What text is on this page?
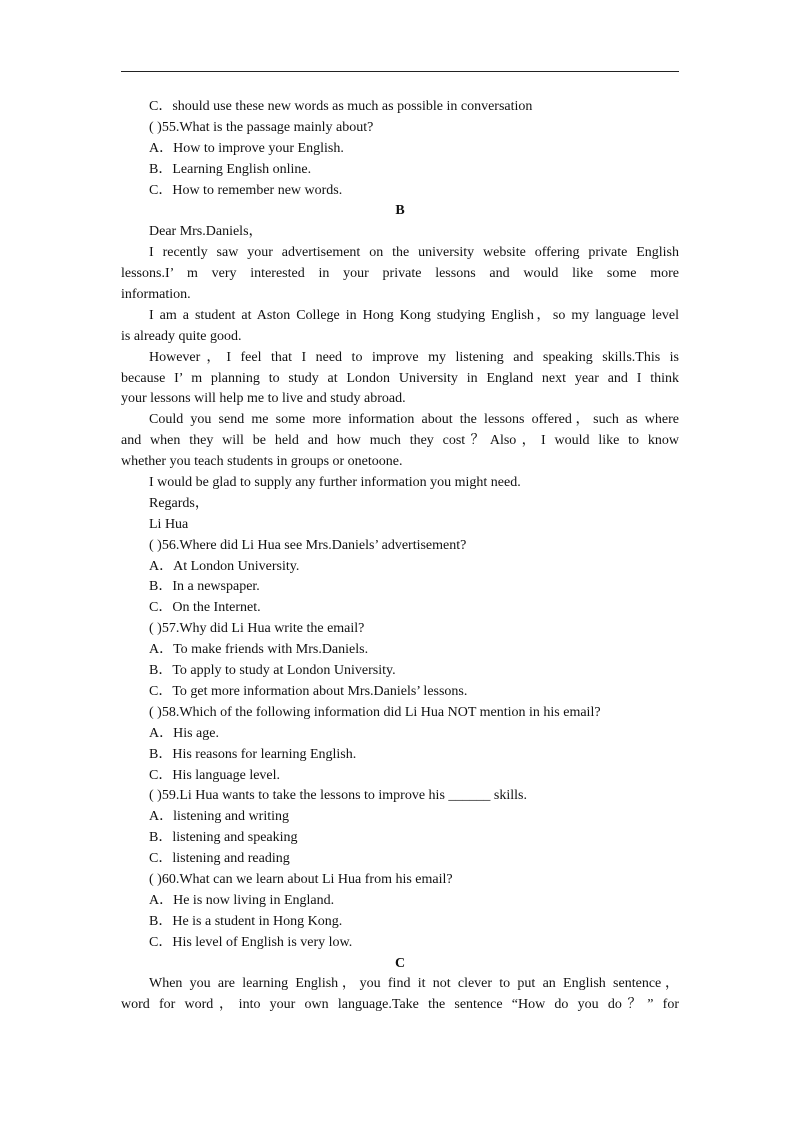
C．should use these new words as much as possible in conversation
( )55.What is the passage mainly about?
A．How to improve your English.
B．Learning English online.
C．How to remember new words.
B
Dear Mrs.Daniels，
I recently saw your advertisement on the university website offering private English
lessons.I’ m very interested in your private lessons and would like some more
information.
I am a student at Aston College in Hong Kong studying English，so my language level
is already quite good.
However，I feel that I need to improve my listening and speaking skills.This is
because I’ m planning to study at London University in England next year and I think
your lessons will help me to live and study abroad.
Could you send me some more information about the lessons offered，such as where
and when they will be held and how much they cost？Also，I would like to know
whether you teach students in groups or onetoone.
I would be glad to supply any further information you might need.
Regards，
Li Hua
( )56.Where did Li Hua see Mrs.Daniels’ advertisement?
A．At London University.
B．In a newspaper.
C．On the Internet.
( )57.Why did Li Hua write the email?
A．To make friends with Mrs.Daniels.
B．To apply to study at London University.
C．To get more information about Mrs.Daniels’ lessons.
( )58.Which of the following information did Li Hua NOT mention in his email?
A．His age.
B．His reasons for learning English.
C．His language level.
( )59.Li Hua wants to take the lessons to improve his ______ skills.
A．listening and writing
B．listening and speaking
C．listening and reading
( )60.What can we learn about Li Hua from his email?
A．He is now living in England.
B．He is a student in Hong Kong.
C．His level of English is very low.
C
When you are learning English，you find it not clever to put an English sentence，
word for word，into your own language.Take the sentence “How do you do？” for
